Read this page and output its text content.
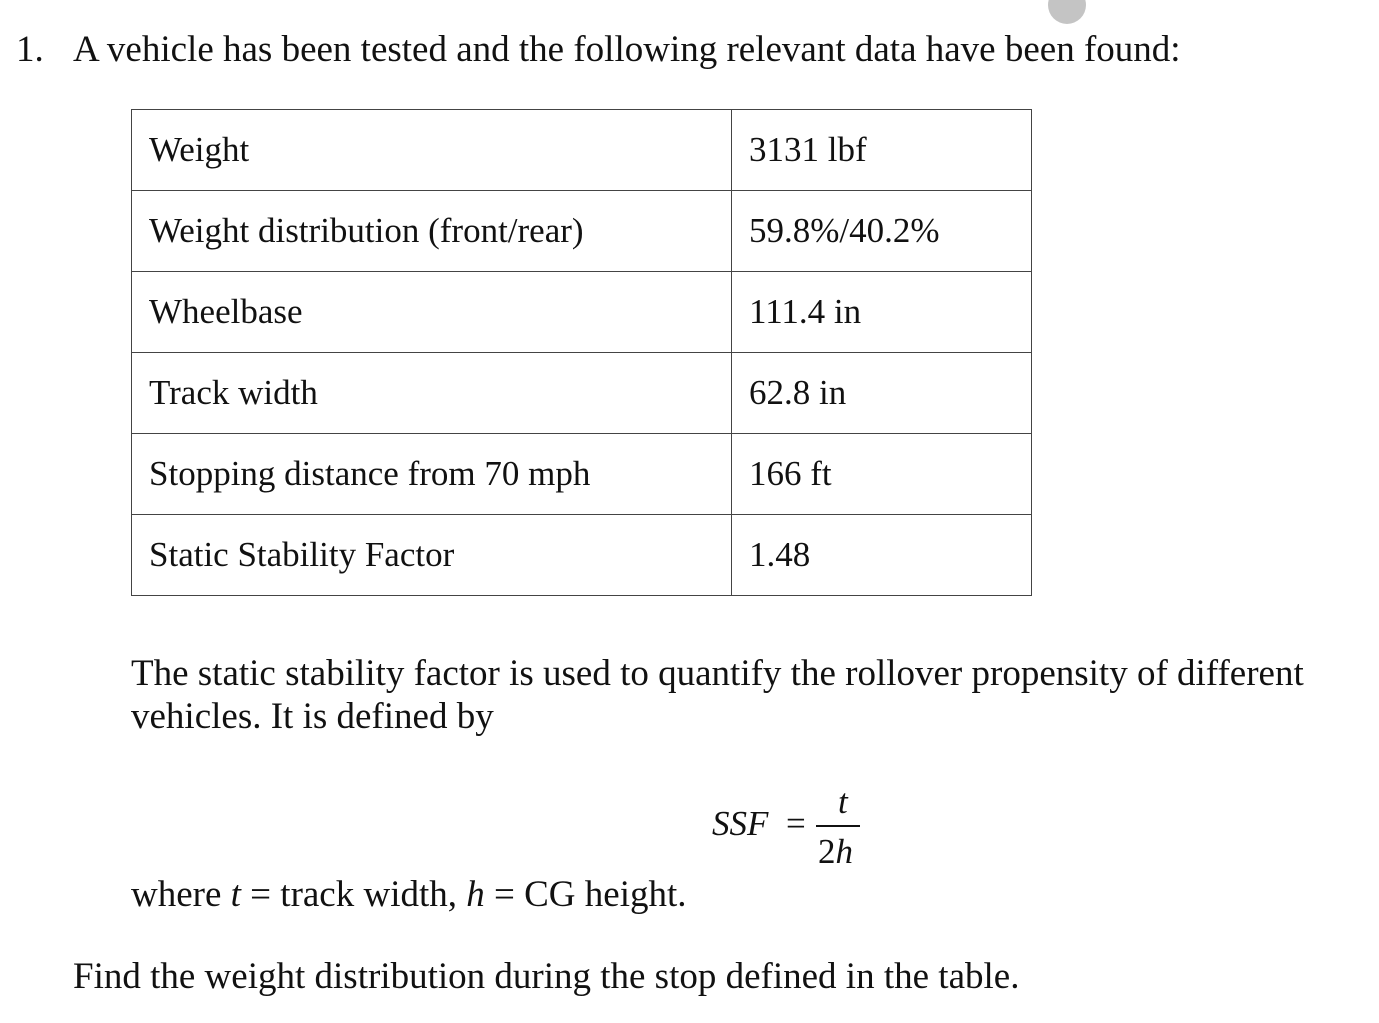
1. A vehicle has been tested and the following relevant data have been found:
Weight	3131 lbf
Weight distribution (front/rear)	59.8%/40.2%
Wheelbase	111.4 in
Track width	62.8 in
Stopping distance from 70 mph	166 ft
Static Stability Factor	1.48
The static stability factor is used to quantify the rollover propensity of different vehicles. It is defined by
SSF =
t
2h
where t = track width, h = CG height.
Find the weight distribution during the stop defined in the table.
